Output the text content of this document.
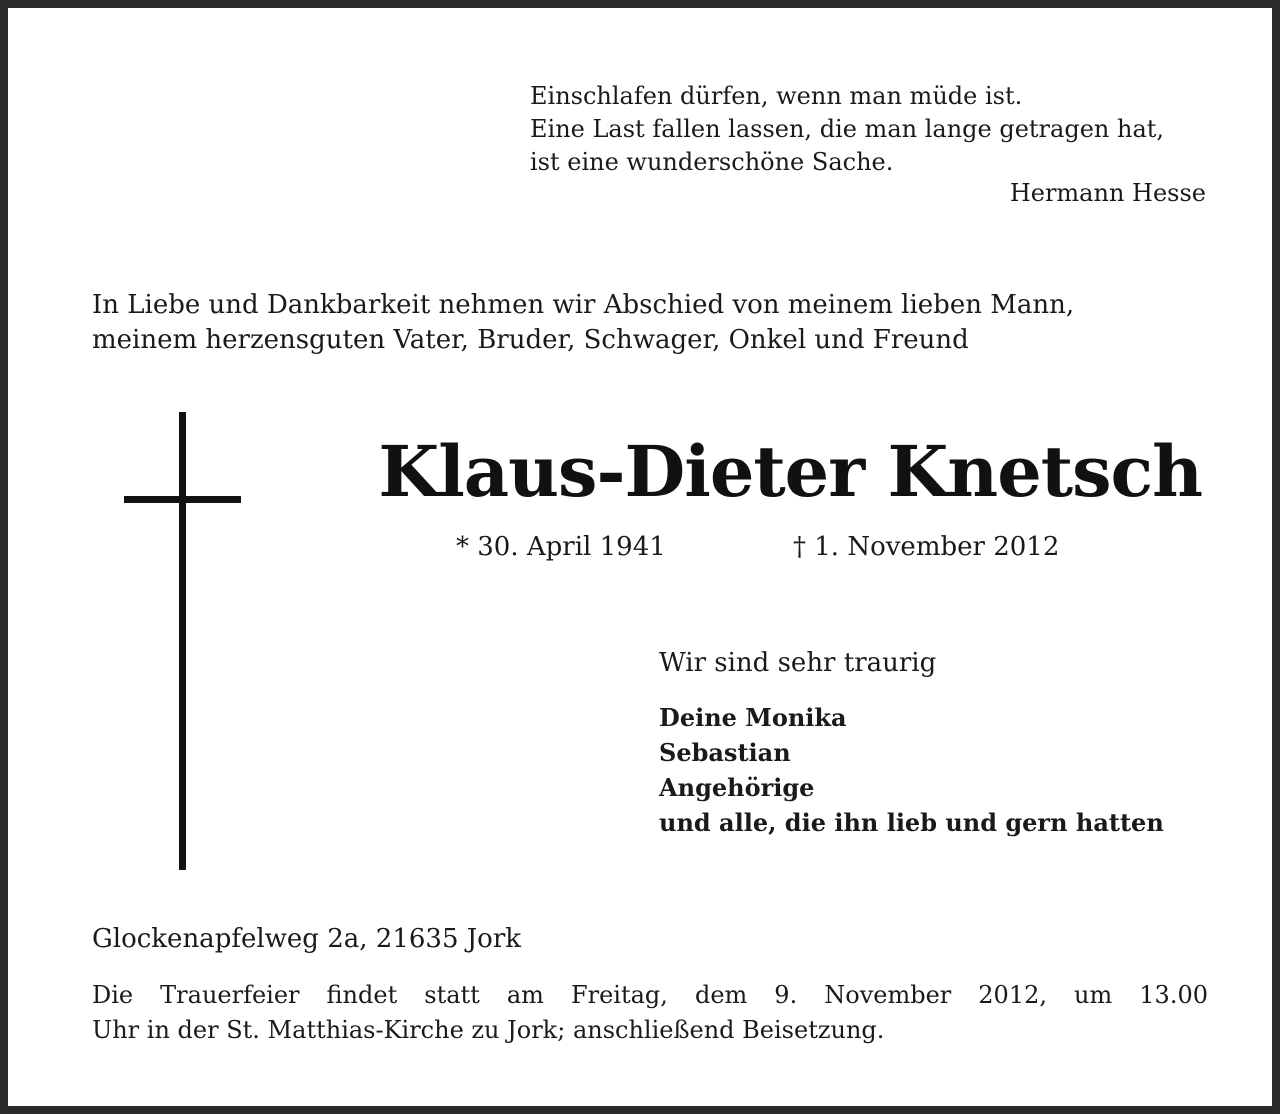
Einschlafen dürfen, wenn man müde ist.
Eine Last fallen lassen, die man lange getragen hat,
ist eine wunderschöne Sache.
Hermann Hesse
In Liebe und Dankbarkeit nehmen wir Abschied von meinem lieben Mann,
meinem herzensguten Vater, Bruder, Schwager, Onkel und Freund
Klaus-Dieter Knetsch
* 30. April 1941	† 1. November 2012
Wir sind sehr traurig
Deine Monika
Sebastian
Angehörige
und alle, die ihn lieb und gern hatten
Glockenapfelweg 2a, 21635 Jork
Die Trauerfeier findet statt am Freitag, dem 9. November 2012, um 13.00
Uhr in der St. Matthias-Kirche zu Jork; anschließend Beisetzung.
